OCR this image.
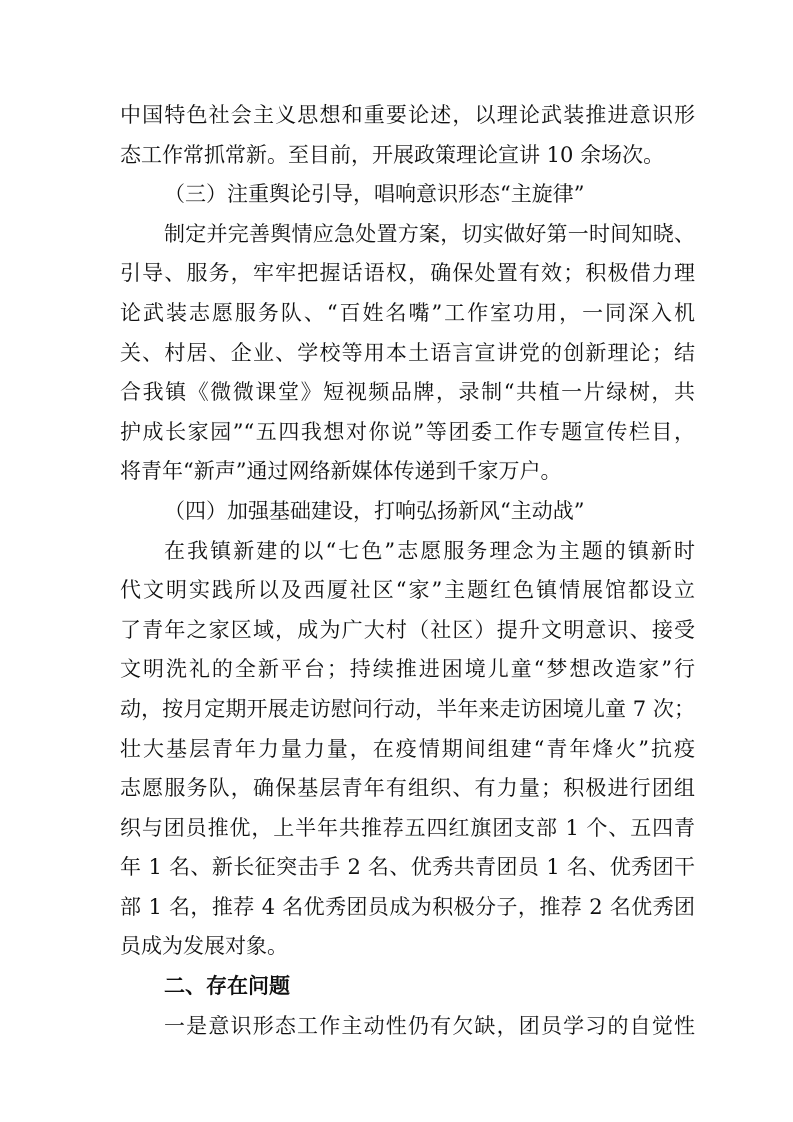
中国特色社会主义思想和重要论述，以理论武装推进意识形
态工作常抓常新。至目前，开展政策理论宣讲 10 余场次。
（三）注重舆论引导，唱响意识形态“主旋律”
制定并完善舆情应急处置方案，切实做好第一时间知晓、
引导、服务，牢牢把握话语权，确保处置有效；积极借力理
论武装志愿服务队、“百姓名嘴”工作室功用，一同深入机
关、村居、企业、学校等用本土语言宣讲党的创新理论；结
合我镇《微微课堂》短视频品牌，录制“共植一片绿树，共
护成长家园”“五四我想对你说”等团委工作专题宣传栏目，
将青年“新声”通过网络新媒体传递到千家万户。
（四）加强基础建设，打响弘扬新风“主动战”
在我镇新建的以“七色”志愿服务理念为主题的镇新时
代文明实践所以及西厦社区“家”主题红色镇情展馆都设立
了青年之家区域，成为广大村（社区）提升文明意识、接受
文明洗礼的全新平台；持续推进困境儿童“梦想改造家”行
动，按月定期开展走访慰问行动，半年来走访困境儿童 7 次；
壮大基层青年力量力量，在疫情期间组建“青年烽火”抗疫
志愿服务队，确保基层青年有组织、有力量；积极进行团组
织与团员推优，上半年共推荐五四红旗团支部 1 个、五四青
年 1 名、新长征突击手 2 名、优秀共青团员 1 名、优秀团干
部 1 名，推荐 4 名优秀团员成为积极分子，推荐 2 名优秀团
员成为发展对象。
二、存在问题
一是意识形态工作主动性仍有欠缺，团员学习的自觉性
